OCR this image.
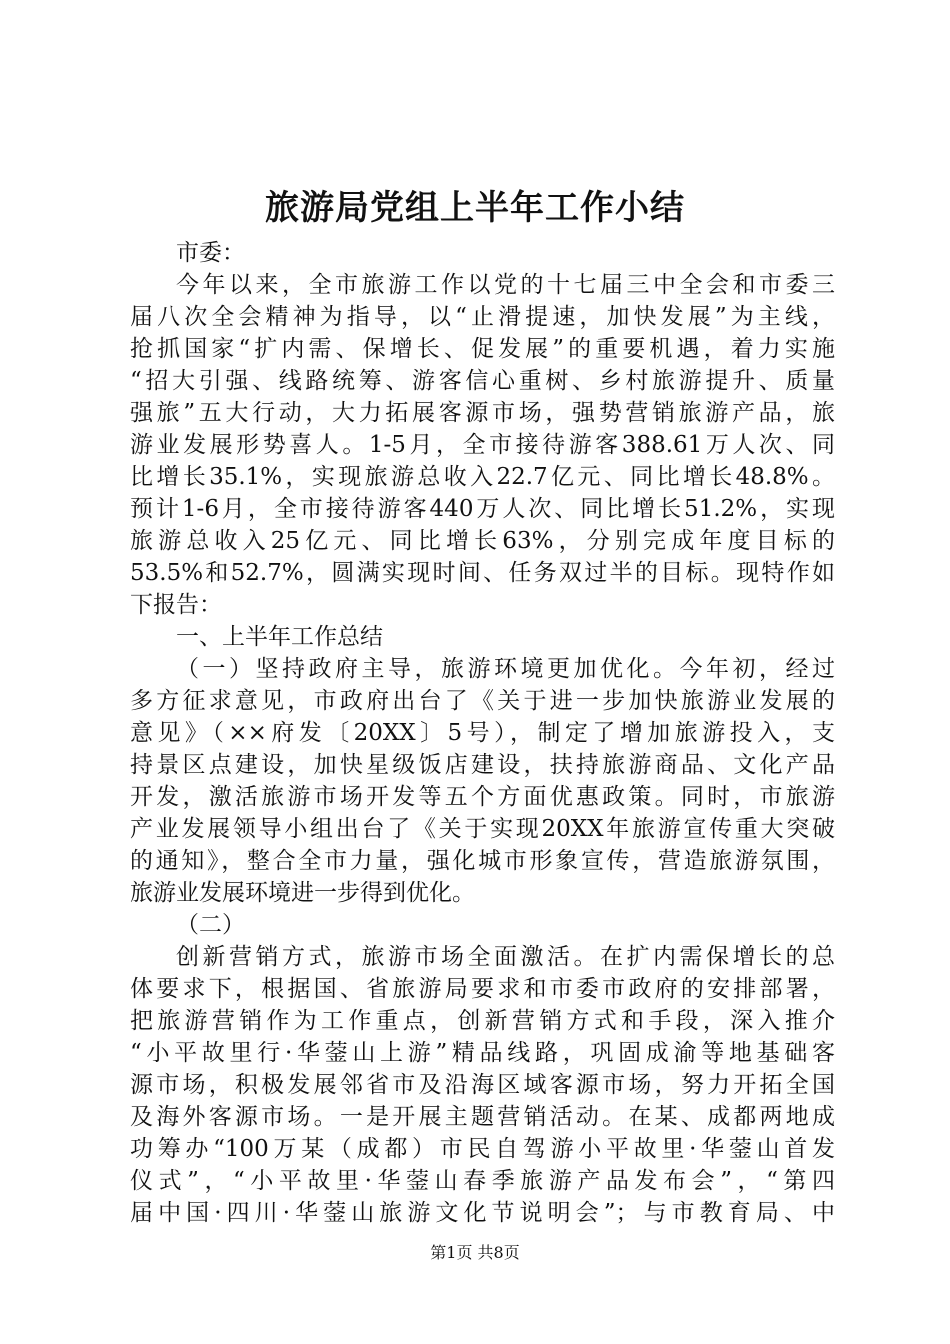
旅游局党组上半年工作小结
市委：
今年以来，全市旅游工作以党的十七届三中全会和市委三
届八次全会精神为指导，以“止滑提速，加快发展”为主线，
抢抓国家“扩内需、保增长、促发展”的重要机遇，着力实施
“招大引强、线路统筹、游客信心重树、乡村旅游提升、质量
强旅”五大行动，大力拓展客源市场，强势营销旅游产品，旅
游业发展形势喜人。1-5月，全市接待游客388.61万人次、同
比增长35.1%，实现旅游总收入22.7亿元、同比增长48.8%。
预计1-6月，全市接待游客440万人次、同比增长51.2%，实现
旅游总收入25亿元、同比增长63%，分别完成年度目标的
53.5%和52.7%，圆满实现时间、任务双过半的目标。现特作如
下报告：
一、上半年工作总结
（一）坚持政府主导，旅游环境更加优化。今年初，经过
多方征求意见，市政府出台了《关于进一步加快旅游业发展的
意见》（××府发〔20XX〕5号），制定了增加旅游投入，支
持景区点建设，加快星级饭店建设，扶持旅游商品、文化产品
开发，激活旅游市场开发等五个方面优惠政策。同时，市旅游
产业发展领导小组出台了《关于实现20XX年旅游宣传重大突破
的通知》，整合全市力量，强化城市形象宣传，营造旅游氛围，
旅游业发展环境进一步得到优化。
（二）
创新营销方式，旅游市场全面激活。在扩内需保增长的总
体要求下，根据国、省旅游局要求和市委市政府的安排部署，
把旅游营销作为工作重点，创新营销方式和手段，深入推介
“小平故里行·华蓥山上游”精品线路，巩固成渝等地基础客
源市场，积极发展邻省市及沿海区域客源市场，努力开拓全国
及海外客源市场。一是开展主题营销活动。在某、成都两地成
功筹办“100万某（成都）市民自驾游小平故里·华蓥山首发
仪式”，“小平故里·华蓥山春季旅游产品发布会”，“第四
届中国·四川·华蓥山旅游文化节说明会”；与市教育局、中
第1页 共8页
